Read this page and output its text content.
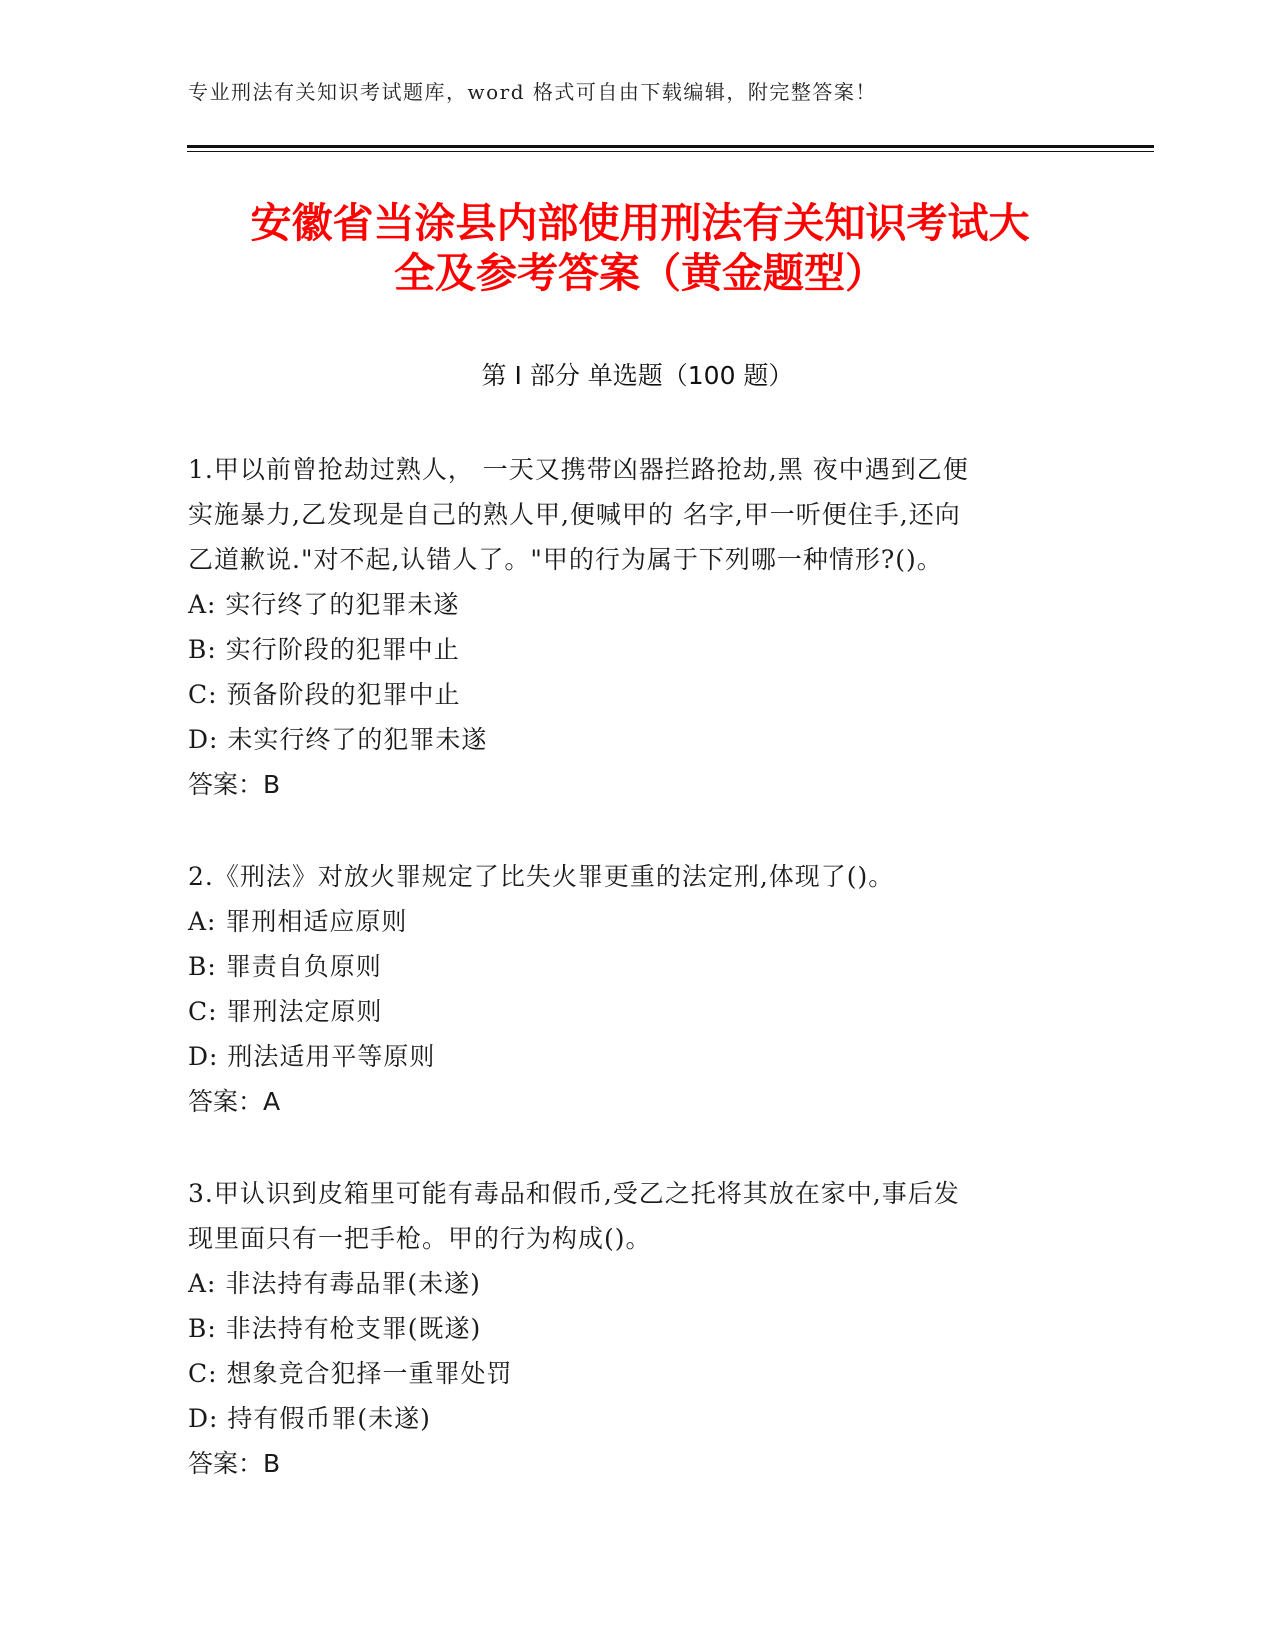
专业刑法有关知识考试题库，word 格式可自由下载编辑，附完整答案！
安徽省当涂县内部使用刑法有关知识考试大
全及参考答案（黄金题型）
第 I 部分 单选题（100 题）
1.甲以前曾抢劫过熟人， 一天又携带凶器拦路抢劫,黑 夜中遇到乙便
实施暴力,乙发现是自己的熟人甲,便喊甲的 名字,甲一听便住手,还向
乙道歉说."对不起,认错人了。"甲的行为属于下列哪一种情形?()。
A: 实行终了的犯罪未遂
B: 实行阶段的犯罪中止
C: 预备阶段的犯罪中止
D: 未实行终了的犯罪未遂
答案：B
2.《刑法》对放火罪规定了比失火罪更重的法定刑,体现了()。
A: 罪刑相适应原则
B: 罪责自负原则
C: 罪刑法定原则
D: 刑法适用平等原则
答案：A
3.甲认识到皮箱里可能有毒品和假币,受乙之托将其放在家中,事后发
现里面只有一把手枪。甲的行为构成()。
A: 非法持有毒品罪(未遂)
B: 非法持有枪支罪(既遂)
C: 想象竞合犯择一重罪处罚
D: 持有假币罪(未遂)
答案：B
